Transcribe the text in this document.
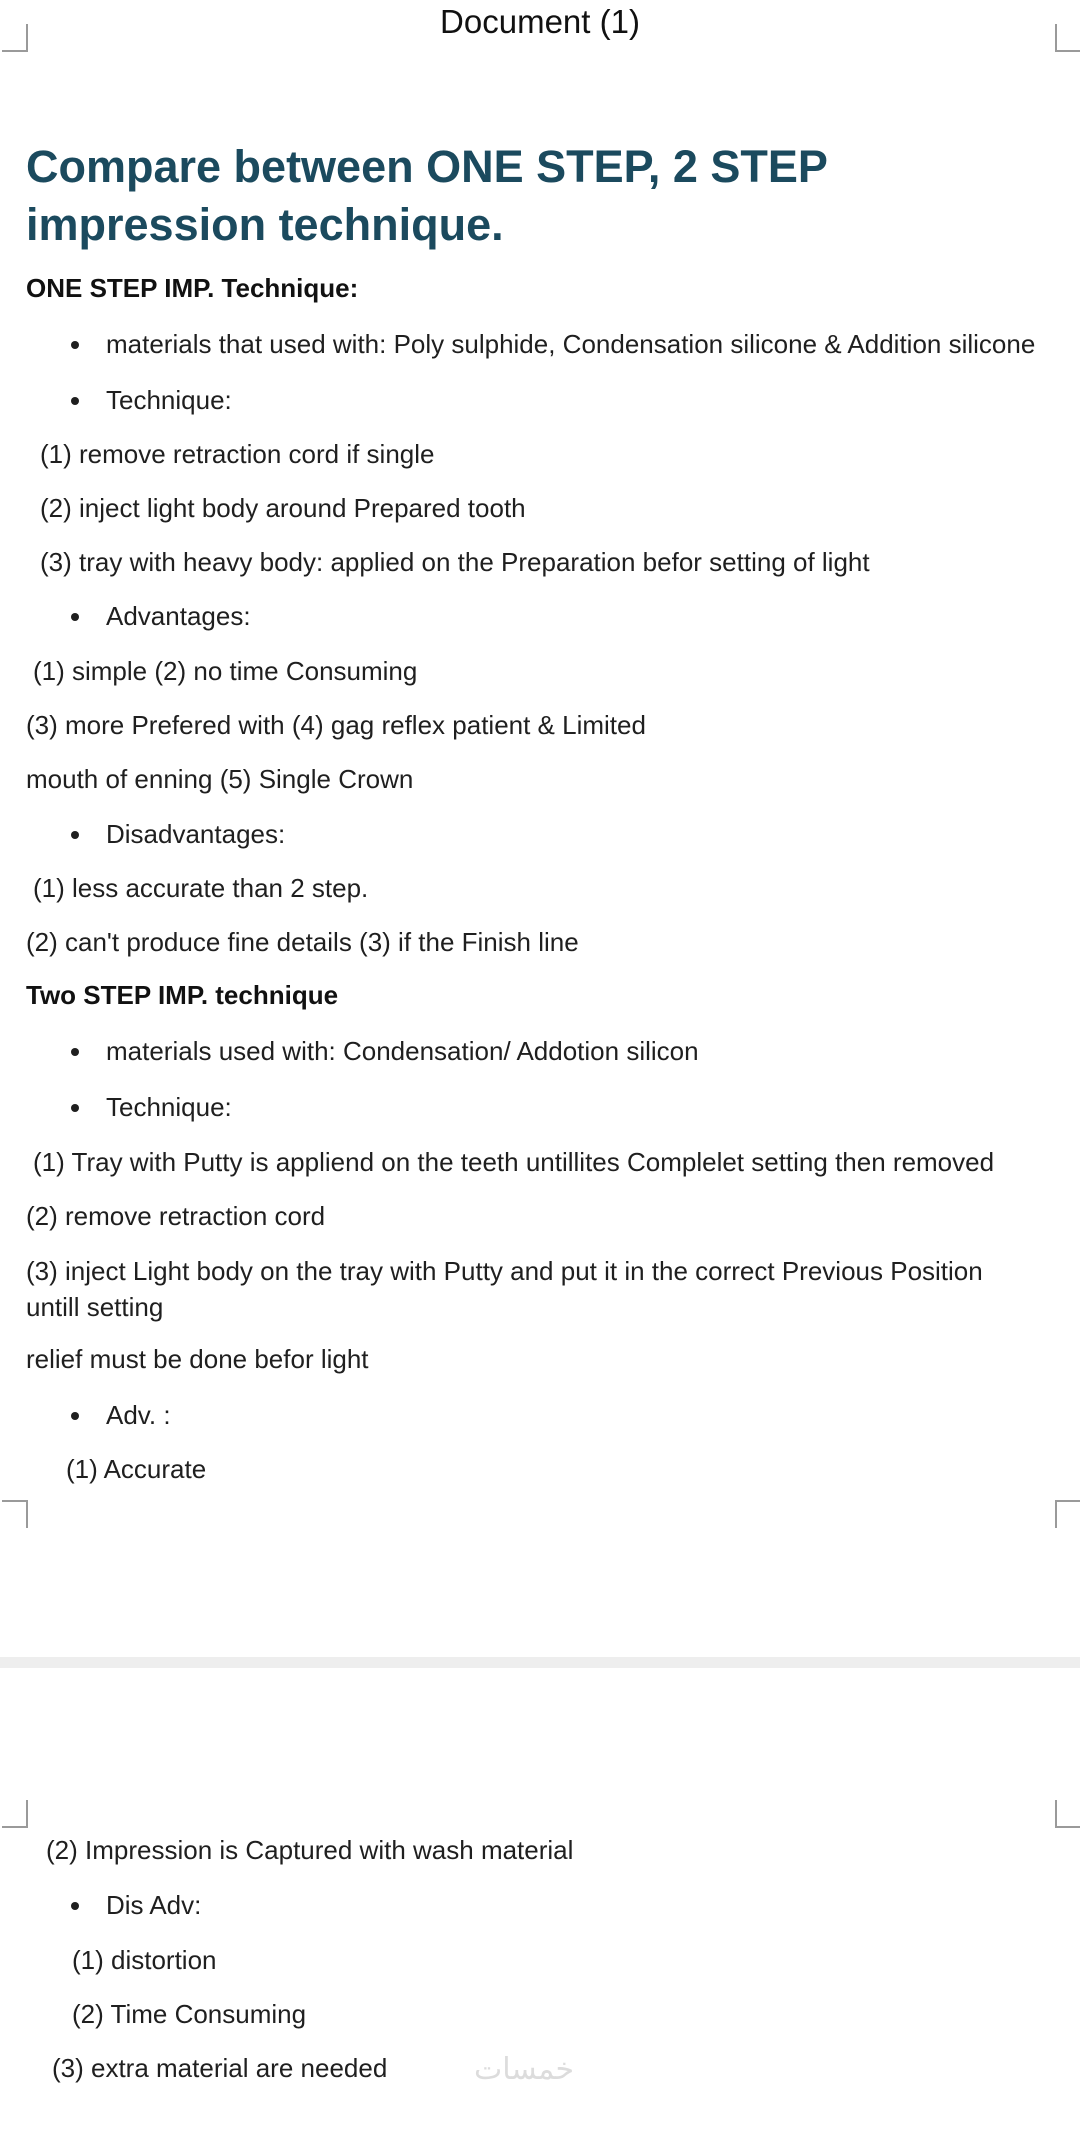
Document (1)
Compare between ONE STEP, 2 STEP impression technique.
ONE STEP IMP. Technique:
materials that used with: Poly sulphide, Condensation silicone & Addition silicone
Technique:
(1) remove retraction cord if single
(2) inject light body around Prepared tooth
(3) tray with heavy body: applied on the Preparation befor setting of light
Advantages:
(1) simple (2) no time Consuming
(3) more Prefered with (4) gag reflex patient & Limited
mouth of enning (5) Single Crown
Disadvantages:
(1) less accurate than 2 step.
(2) can't produce fine details (3) if the Finish line
Two STEP IMP. technique
materials used with: Condensation/ Addotion silicon
Technique:
(1) Tray with Putty is appliend on the teeth untillites Complelet setting then removed
(2) remove retraction cord
(3) inject Light body on the tray with Putty and put it in the correct Previous Position untill setting
relief must be done befor light
Adv. :
(1) Accurate
(2) Impression is Captured with wash material
Dis Adv:
(1) distortion
(2) Time Consuming
(3) extra material are needed	خمسات
